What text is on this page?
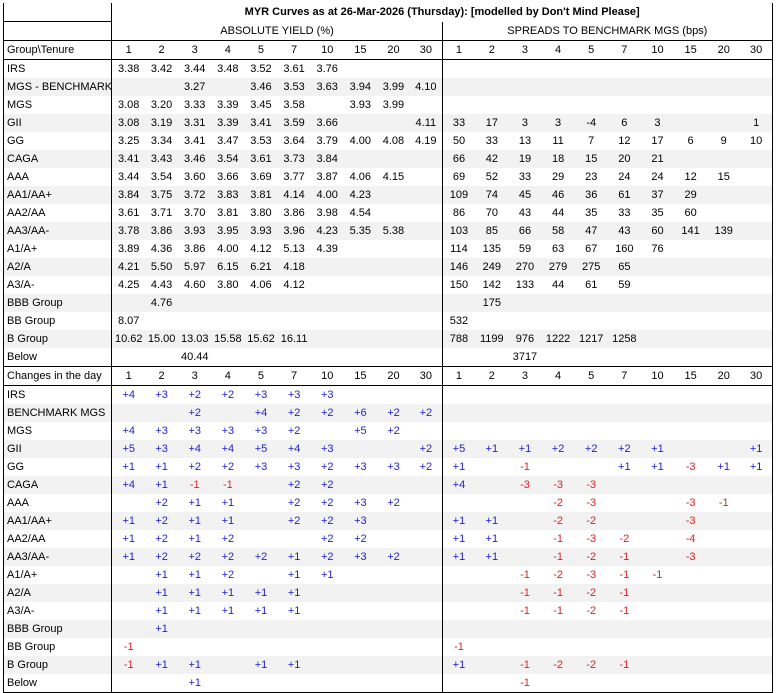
	MYR Curves as at 26-Mar-2026 (Thursday): [modelled by Don't Mind Please]																			
	ABSOLUTE YIELD (%)										SPREADS TO BENCHMARK MGS (bps)									
Group\Tenure	1	2	3	4	5	7	10	15	20	30	1	2	3	4	5	7	10	15	20	30
IRS	3.38	3.42	3.44	3.48	3.52	3.61	3.76													
MGS - BENCHMARK			3.27		3.46	3.53	3.63	3.94	3.99	4.10										
MGS	3.08	3.20	3.33	3.39	3.45	3.58		3.93	3.99											
GII	3.08	3.19	3.31	3.39	3.41	3.59	3.66			4.11	33	17	3	3	-4	6	3			1
GG	3.25	3.34	3.41	3.47	3.53	3.64	3.79	4.00	4.08	4.19	50	33	13	11	7	12	17	6	9	10
CAGA	3.41	3.43	3.46	3.54	3.61	3.73	3.84				66	42	19	18	15	20	21			
AAA	3.44	3.54	3.60	3.66	3.69	3.77	3.87	4.06	4.15		69	52	33	29	23	24	24	12	15	
AA1/AA+	3.84	3.75	3.72	3.83	3.81	4.14	4.00	4.23			109	74	45	46	36	61	37	29		
AA2/AA	3.61	3.71	3.70	3.81	3.80	3.86	3.98	4.54			86	70	43	44	35	33	35	60		
AA3/AA-	3.78	3.86	3.93	3.95	3.93	3.96	4.23	5.35	5.38		103	85	66	58	47	43	60	141	139	
A1/A+	3.89	4.36	3.86	4.00	4.12	5.13	4.39				114	135	59	63	67	160	76			
A2/A	4.21	5.50	5.97	6.15	6.21	4.18					146	249	270	279	275	65				
A3/A-	4.25	4.43	4.60	3.80	4.06	4.12					150	142	133	44	61	59				
BBB Group		4.76										175								
BB Group	8.07										532									
B Group	10.62	15.00	13.03	15.58	15.62	16.11					788	1199	976	1222	1217	1258				
Below			40.44										3717							
Changes in the day	1	2	3	4	5	7	10	15	20	30	1	2	3	4	5	7	10	15	20	30
IRS	+4	+3	+2	+2	+3	+3	+3													
BENCHMARK MGS			+2		+4	+2	+2	+6	+2	+2										
MGS	+4	+3	+3	+3	+3	+2		+5	+2											
GII	+5	+3	+4	+4	+5	+4	+3			+2	+5	+1	+1	+2	+2	+2	+1			+1
GG	+1	+1	+2	+2	+3	+3	+2	+3	+3	+2	+1		-1			+1	+1	-3	+1	+1
CAGA	+4	+1	-1	-1		+2	+2				+4		-3	-3	-3					
AAA		+2	+1	+1		+2	+2	+3	+2					-2	-3			-3	-1	
AA1/AA+	+1	+2	+1	+1		+2	+2	+3			+1	+1		-2	-2			-3		
AA2/AA	+1	+2	+1	+2			+2	+2			+1	+1		-1	-3	-2		-4		
AA3/AA-	+1	+2	+2	+2	+2	+1	+2	+3	+2		+1	+1		-1	-2	-1		-3		
A1/A+		+1	+1	+2		+1	+1						-1	-2	-3	-1	-1			
A2/A		+1	+1	+1	+1	+1							-1	-1	-2	-1				
A3/A-		+1	+1	+1	+1	+1							-1	-1	-2	-1				
BBB Group		+1																		
BB Group	-1										-1									
B Group	-1	+1	+1		+1	+1					+1		-1	-2	-2	-1				
Below			+1										-1							
